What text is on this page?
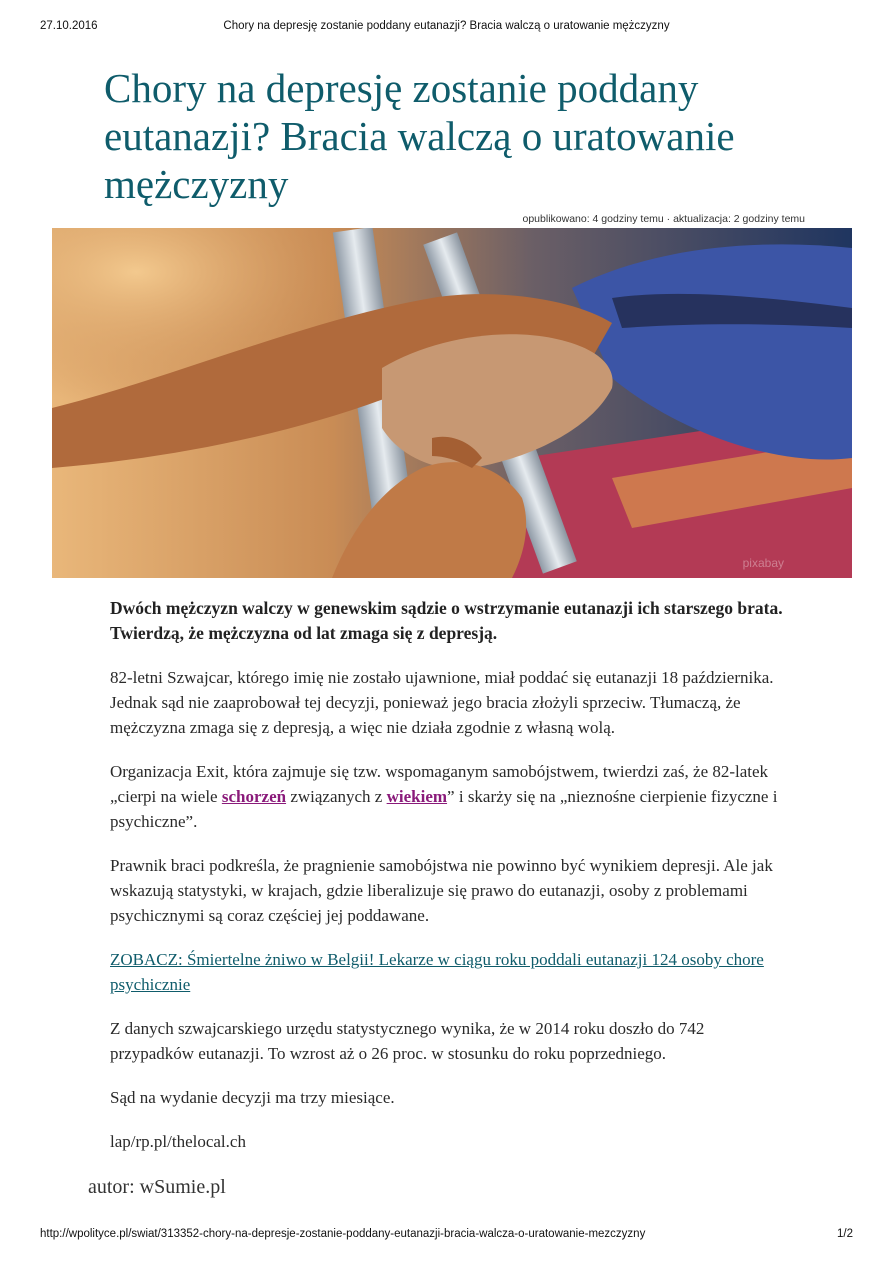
27.10.2016	Chory na depresję zostanie poddany eutanazji? Bracia walczą o uratowanie mężczyzny
Chory na depresję zostanie poddany eutanazji? Bracia walczą o uratowanie mężczyzny
opublikowano: 4 godziny temu · aktualizacja: 2 godziny temu
pixabay

Dwóch mężczyzn walczy w genewskim sądzie o wstrzymanie eutanazji ich starszego brata. Twierdzą, że mężczyzna od lat zmaga się z depresją.

82-letni Szwajcar, którego imię nie zostało ujawnione, miał poddać się eutanazji 18 października. Jednak sąd nie zaaprobował tej decyzji, ponieważ jego bracia złożyli sprzeciw. Tłumaczą, że mężczyzna zmaga się z depresją, a więc nie działa zgodnie z własną wolą.

Organizacja Exit, która zajmuje się tzw. wspomaganym samobójstwem, twierdzi zaś, że 82-latek „cierpi na wiele schorzeń związanych z wiekiem” i skarży się na „nieznośne cierpienie fizyczne i psychiczne”.

Prawnik braci podkreśla, że pragnienie samobójstwa nie powinno być wynikiem depresji. Ale jak wskazują statystyki, w krajach, gdzie liberalizuje się prawo do eutanazji, osoby z problemami psychicznymi są coraz częściej jej poddawane.

ZOBACZ: Śmiertelne żniwo w Belgii! Lekarze w ciągu roku poddali eutanazji 124 osoby chore psychicznie

Z danych szwajcarskiego urzędu statystycznego wynika, że w 2014 roku doszło do 742 przypadków eutanazji. To wzrost aż o 26 proc. w stosunku do roku poprzedniego.

Sąd na wydanie decyzji ma trzy miesiące.

lap/rp.pl/thelocal.ch

autor: wSumie.pl
http://wpolityce.pl/swiat/313352-chory-na-depresje-zostanie-poddany-eutanazji-bracia-walcza-o-uratowanie-mezczyzny	1/2
